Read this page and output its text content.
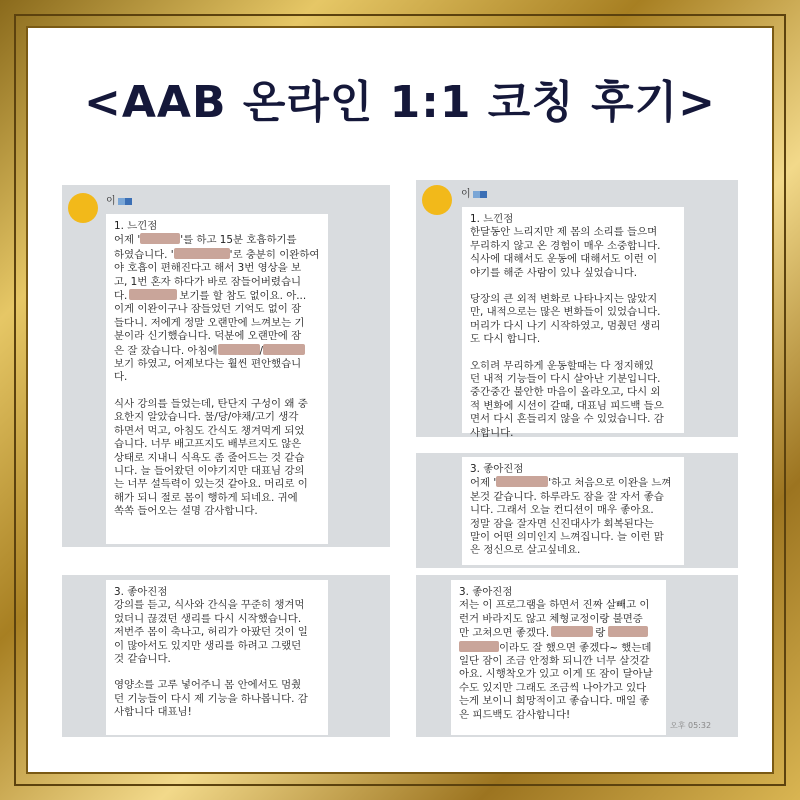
<AAB 온라인 1:1 코칭 후기>
이
1. 느낀점
어제 '	'를 하고 15분 호흡하기를
하였습니다. '	'로 충분히 이완하여
야 호흡이 편해진다고 해서 3번 영상을 보
고, 1번 혼자 하다가 바로 잠들어버렸습니
다.	보기를 할 참도 없이요. 아...
이게 이완이구나 잠들었던 기억도 없이 잠
들다니. 저에게 정말 오랜만에 느껴보는 기
분이라 신기했습니다. 덕분에 오랜만에 잠
은 잘 잤습니다. 아침에	/
보기 하였고, 어제보다는 훨씬 편안했습니
다.
식사 강의를 들었는데, 탄단지 구성이 왜 중
요한지 알았습니다. 물/당/야채/고기 생각
하면서 먹고, 아침도 간식도 챙겨먹게 되었
습니다. 너무 배고프지도 배부르지도 않은
상태로 지내니 식욕도 좀 줄어드는 것 같습
니다. 늘 들어왔던 이야기지만 대표님 강의
는 너무 설득력이 있는것 같아요. 머리로 이
해가 되니 절로 몸이 행하게 되네요. 귀에
쏙쏙 들어오는 설명 감사합니다.
3. 좋아진점
강의를 듣고, 식사와 간식을 꾸준히 챙겨먹
었더니 끊겼던 생리를 다시 시작했습니다.
저번주 몸이 축나고, 허리가 아팠던 것이 일
이 많아서도 있지만 생리를 하려고 그랬던
것 같습니다.
영양소를 고루 넣어주니 몸 안에서도 멈췄
던 기능들이 다시 제 기능을 하나봅니다. 감
사합니다 대표님!
이
1. 느낀점
한달동안 느리지만 제 몸의 소리를 들으며
무리하지 않고 온 경험이 매우 소중합니다.
식사에 대해서도 운동에 대해서도 이런 이
야기를 해준 사람이 있나 싶었습니다.
당장의 큰 외적 변화로 나타나지는 않았지
만, 내적으로는 많은 변화들이 있었습니다.
머리가 다시 나기 시작하였고, 멈췄던 생리
도 다시 합니다.
오히려 무리하게 운동할때는 다 정지해있
던 내적 기능들이 다시 살아난 기분입니다.
중간중간 불안한 마음이 올라오고, 다시 외
적 변화에 시선이 갈때, 대표님 피드백 들으
면서 다시 흔들리지 않을 수 있었습니다. 감
사합니다.
3. 좋아진점
어제 '	'하고 처음으로 이완을 느껴
본것 같습니다. 하루라도 잠을 잘 자서 좋습
니다. 그래서 오늘 컨디션이 매우 좋아요.
정말 잠을 잘자면 신진대사가 회복된다는
말이 어떤 의미인지 느껴집니다. 늘 이런 맑
은 정신으로 살고싶네요.
3. 좋아진점
저는 이 프로그램을 하면서 진짜 살빼고 이
런거 바라지도 않고 체형교정이랑 불면증
만 고쳐으면 좋겠다.	랑
이라도 잘 했으면 좋겠다~ 했는데
일단 잠이 조금 안정화 되니깐 너무 살것같
아요. 시행착오가 있고 이게 또 잠이 달아날
수도 있지만 그래도 조금씩 나아가고 있다
는게 보이니 희망적이고 좋습니다. 매일 좋
은 피드백도 감사합니다!
오후 05:32
